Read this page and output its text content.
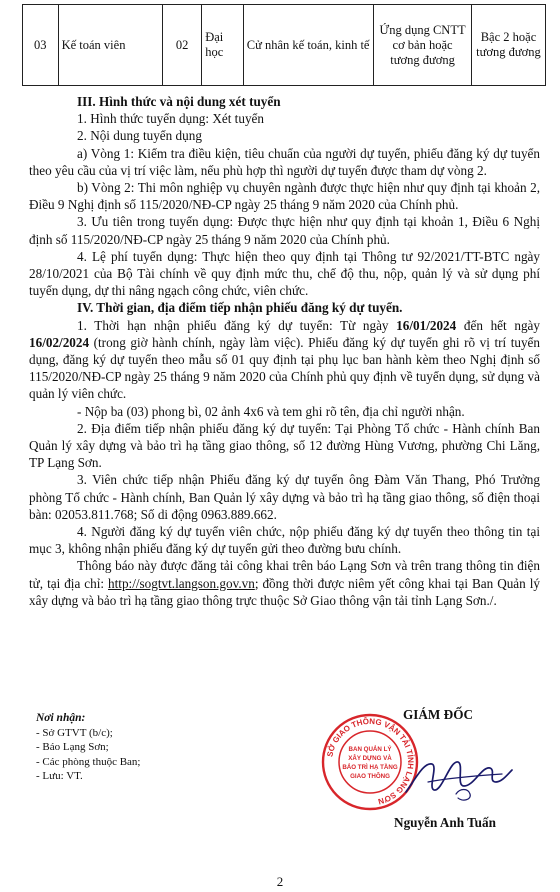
03	Kế toán viên	02	Đại học	Cử nhân kế toán, kinh tế	Ứng dụng CNTT cơ bản hoặc tương đương	Bậc 2 hoặc tương đương

III. Hình thức và nội dung xét tuyển

1. Hình thức tuyển dụng: Xét tuyển

2. Nội dung tuyển dụng

a) Vòng 1: Kiểm tra điều kiện, tiêu chuẩn của người dự tuyển, phiếu đăng ký dự tuyển theo yêu cầu của vị trí việc làm, nếu phù hợp thì người dự tuyển được tham dự vòng 2.

b) Vòng 2: Thi môn nghiệp vụ chuyên ngành được thực hiện như quy định tại khoản 2, Điều 9 Nghị định số 115/2020/NĐ-CP ngày 25 tháng 9 năm 2020 của Chính phủ.

3. Ưu tiên trong tuyển dụng: Được thực hiện như quy định tại khoản 1, Điều 6 Nghị định số 115/2020/NĐ-CP ngày 25 tháng 9 năm 2020 của Chính phủ.

4. Lệ phí tuyển dụng: Thực hiện theo quy định tại Thông tư 92/2021/TT-BTC ngày 28/10/2021 của Bộ Tài chính về quy định mức thu, chế độ thu, nộp, quản lý và sử dụng phí tuyển dụng, dự thi nâng ngạch công chức, viên chức.

IV. Thời gian, địa điểm tiếp nhận phiếu đăng ký dự tuyển.

1. Thời hạn nhận phiếu đăng ký dự tuyển: Từ ngày 16/01/2024 đến hết ngày 16/02/2024 (trong giờ hành chính, ngày làm việc). Phiếu đăng ký dự tuyển ghi rõ vị trí tuyển dụng, đăng ký dự tuyển theo mẫu số 01 quy định tại phụ lục ban hành kèm theo Nghị định số 115/2020/NĐ-CP ngày 25 tháng 9 năm 2020 của Chính phủ quy định về tuyển dụng, sử dụng và quản lý viên chức.

- Nộp ba (03) phong bì, 02 ảnh 4x6 và tem ghi rõ tên, địa chỉ người nhận.

2. Địa điểm tiếp nhận phiếu đăng ký dự tuyển: Tại Phòng Tổ chức - Hành chính Ban Quản lý xây dựng và bảo trì hạ tầng giao thông, số 12 đường Hùng Vương, phường Chi Lăng, TP Lạng Sơn.

3. Viên chức tiếp nhận Phiếu đăng ký dự tuyển ông Đàm Văn Thang, Phó Trưởng phòng Tổ chức - Hành chính, Ban Quản lý xây dựng và bảo trì hạ tầng giao thông, số điện thoại bàn: 02053.811.768; Số di động 0963.889.662.

4. Người đăng ký dự tuyển viên chức, nộp phiếu đăng ký dự tuyển theo thông tin tại mục 3, không nhận phiếu đăng ký dự tuyển gửi theo đường bưu chính.

Thông báo này được đăng tải công khai trên báo Lạng Sơn và trên trang thông tin điện tử, tại địa chỉ: http://sogtvt.langson.gov.vn; đồng thời được niêm yết công khai tại Ban Quản lý xây dựng và bảo trì hạ tầng giao thông trực thuộc Sở Giao thông vận tải tỉnh Lạng Sơn./.

Nơi nhận:
- Sở GTVT (b/c);
- Báo Lạng Sơn;
- Các phòng thuộc Ban;
- Lưu: VT.
SỞ GIAO THÔNG VẬN TẢI TỈNH LẠNG SƠN
BAN QUẢN LÝ
XÂY DỰNG VÀ
BẢO TRÌ HẠ TẦNG
GIAO THÔNG
GIÁM ĐỐC
Nguyễn Anh Tuấn
2
